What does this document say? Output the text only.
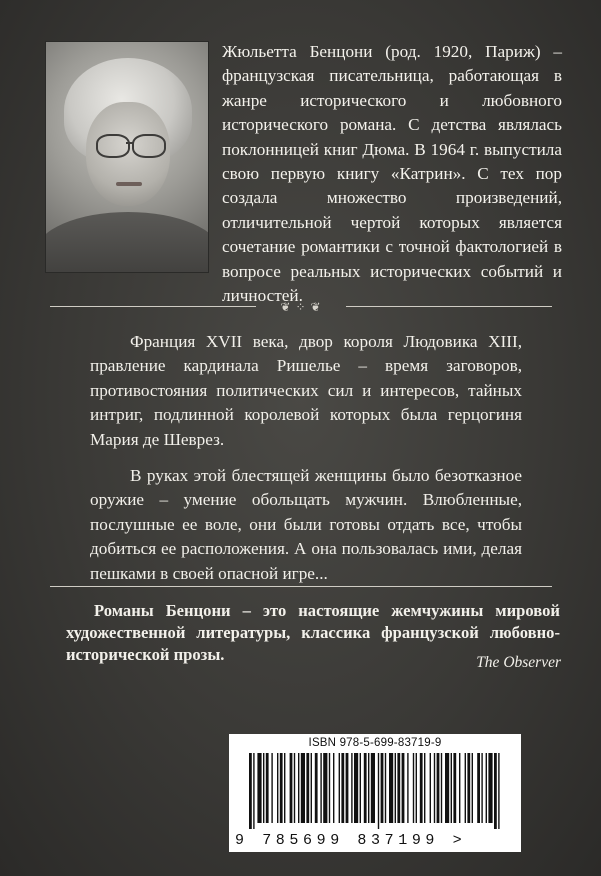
Жюльетта Бенцони (род. 1920, Париж) – французская писательница, работающая в жанре исторического и любовного исторического романа. С детства являлась поклонницей книг Дюма. В 1964 г. выпустила свою первую книгу «Катрин». С тех пор создала множество произведений, отличительной чертой которых является сочетание романтики с точной фактологией в вопросе реальных исторических событий и личностей.

❦ ⁘ ❦

Франция XVII века, двор короля Людовика XIII, правление кардинала Ришелье – время заговоров, противостояния политических сил и интересов, тайных интриг, подлинной королевой которых была герцогиня Мария де Шеврез.

В руках этой блестящей женщины было безотказное оружие – умение обольщать мужчин. Влюбленные, послушные ее воле, они были готовы отдать все, чтобы добиться ее расположения. А она пользовалась ими, делая пешками в своей опасной игре...

Романы Бенцони – это настоящие жемчужины мировой художественной литературы, классика французской любовно-исторической прозы.	The Observer
ISBN 978-5-699-83719-9
9 785699 837199 >
